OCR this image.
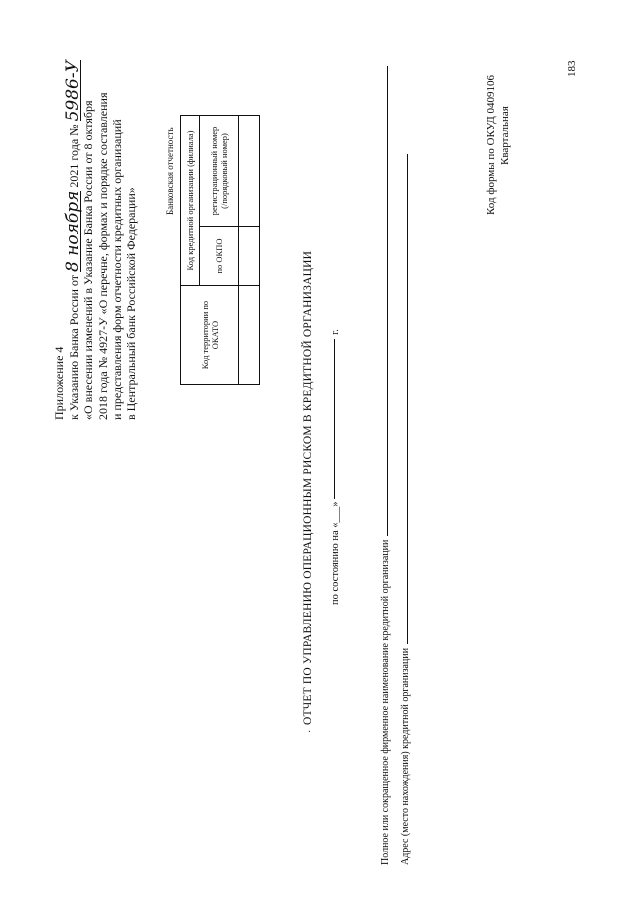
Приложение 4 к Указанию Банка России от 8 ноября 2021 года № 5986-У
«О внесении изменений в Указание Банка России от 8 октября 2018 года № 4927-У «О перечне, формах и порядке составления и представления форм отчетности кредитных организаций в Центральный банк Российской Федерации»
Банковская отчетность
Код территории по ОКАТО	Код кредитной организации (филиала)	
	по ОКПО	регистрационный номер
(/порядковый номер)

·
ОТЧЕТ ПО УПРАВЛЕНИЮ ОПЕРАЦИОННЫМ РИСКОМ В КРЕДИТНОЙ ОРГАНИЗАЦИИ по состоянию на «___» г.
Полное или сокращенное фирменное наименование кредитной организации Адрес (место нахождения) кредитной организации
Код формы по ОКУД 0409106 Квартальная
183
